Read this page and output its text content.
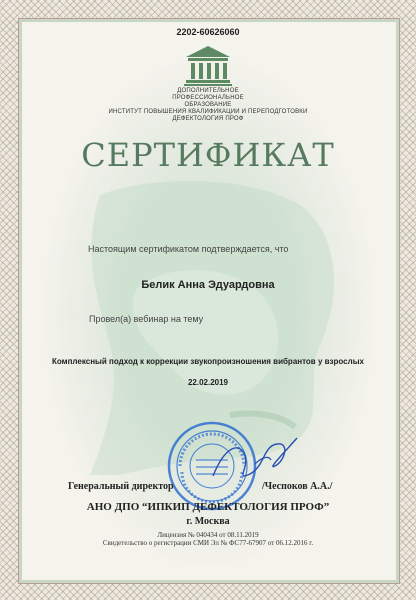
2202-60626060
ДОПОЛНИТЕЛЬНОЕ
ПРОФЕССИОНАЛЬНОЕ
ОБРАЗОВАНИЕ
ИНСТИТУТ ПОВЫШЕНИЯ КВАЛИФИКАЦИИ И ПЕРЕПОДГОТОВКИ
ДЕФЕКТОЛОГИЯ ПРОФ
СЕРТИФИКАТ
Настоящим сертификатом подтверждается, что
Белик Анна Эдуардовна
Провел(а) вебинар на тему
Комплексный подход к коррекции звукопроизношения вибрантов у взрослых
22.02.2019
Генеральный директор	/Чеспоков А.А./
АНО ДПО “ИПКИП ДЕФЕКТОЛОГИЯ ПРОФ”
г. Москва
Лицензия № 040434 от 08.11.2019
Свидетельство о регистрации СМИ Эл № ФС77-67907 от 06.12.2016 г.
